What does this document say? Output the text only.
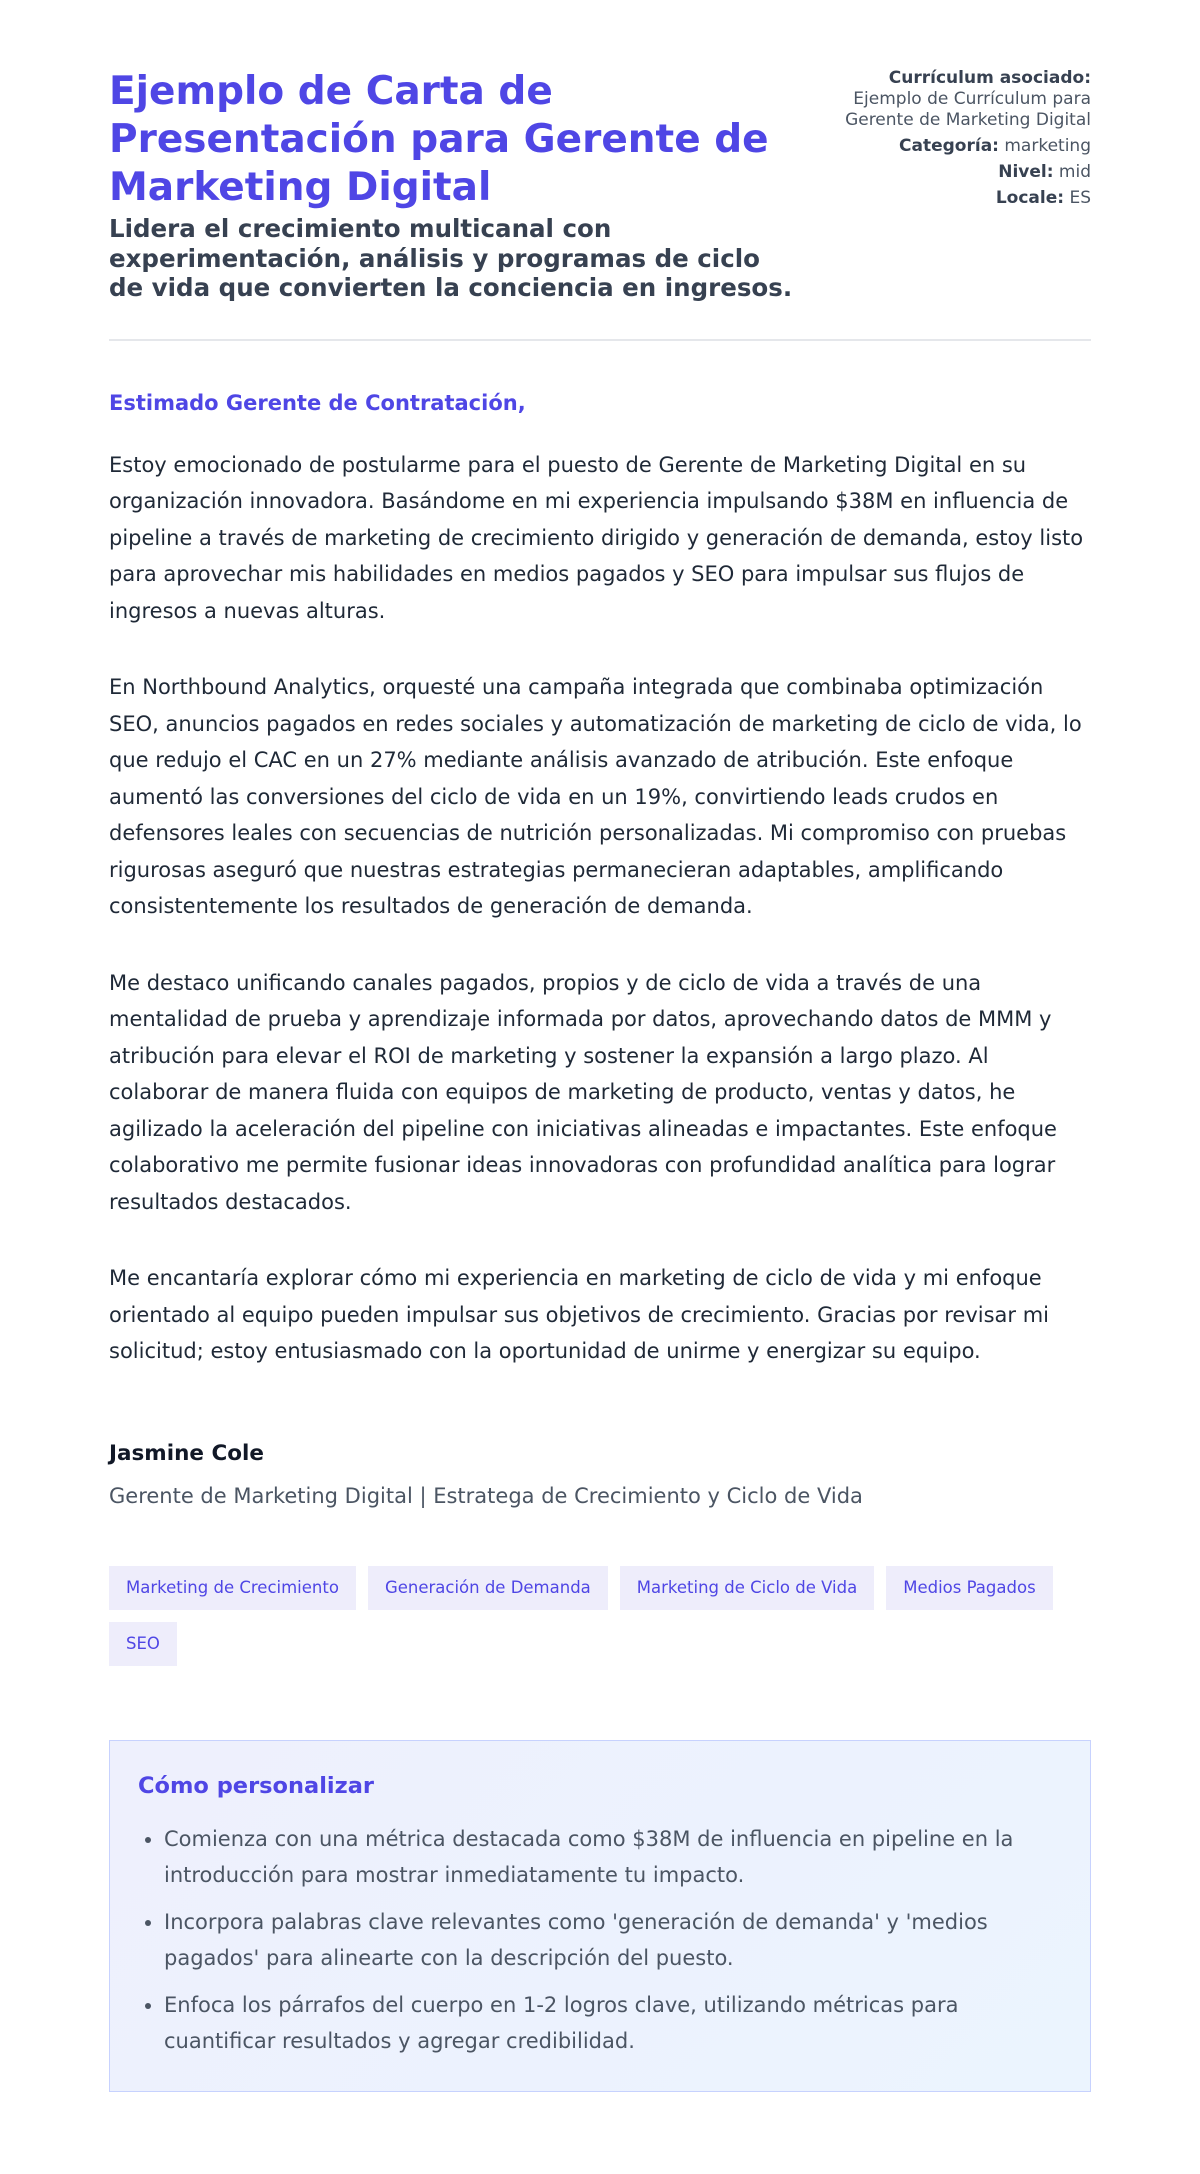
Ejemplo de Carta de Presentación para Gerente de Marketing Digital
Lidera el crecimiento multicanal con experimentación, análisis y programas de ciclo de vida que convierten la conciencia en ingresos.
Currículum asociado:
Ejemplo de Currículum para Gerente de Marketing Digital
Categoría: marketing
Nivel: mid
Locale: ES

Estimado Gerente de Contratación,

Estoy emocionado de postularme para el puesto de Gerente de Marketing Digital en su organización innovadora. Basándome en mi experiencia impulsando $38M en influencia de pipeline a través de marketing de crecimiento dirigido y generación de demanda, estoy listo para aprovechar mis habilidades en medios pagados y SEO para impulsar sus flujos de ingresos a nuevas alturas.

En Northbound Analytics, orquesté una campaña integrada que combinaba optimización SEO, anuncios pagados en redes sociales y automatización de marketing de ciclo de vida, lo que redujo el CAC en un 27% mediante análisis avanzado de atribución. Este enfoque aumentó las conversiones del ciclo de vida en un 19%, convirtiendo leads crudos en defensores leales con secuencias de nutrición personalizadas. Mi compromiso con pruebas rigurosas aseguró que nuestras estrategias permanecieran adaptables, amplificando consistentemente los resultados de generación de demanda.

Me destaco unificando canales pagados, propios y de ciclo de vida a través de una mentalidad de prueba y aprendizaje informada por datos, aprovechando datos de MMM y atribución para elevar el ROI de marketing y sostener la expansión a largo plazo. Al colaborar de manera fluida con equipos de marketing de producto, ventas y datos, he agilizado la aceleración del pipeline con iniciativas alineadas e impactantes. Este enfoque colaborativo me permite fusionar ideas innovadoras con profundidad analítica para lograr resultados destacados.

Me encantaría explorar cómo mi experiencia en marketing de ciclo de vida y mi enfoque orientado al equipo pueden impulsar sus objetivos de crecimiento. Gracias por revisar mi solicitud; estoy entusiasmado con la oportunidad de unirme y energizar su equipo.

Jasmine Cole
Gerente de Marketing Digital | Estratega de Crecimiento y Ciclo de Vida
Marketing de Crecimiento	Generación de Demanda	Marketing de Ciclo de Vida	Medios Pagados
SEO
Cómo personalizar
• Comienza con una métrica destacada como $38M de influencia en pipeline en la introducción para mostrar inmediatamente tu impacto.
• Incorpora palabras clave relevantes como 'generación de demanda' y 'medios pagados' para alinearte con la descripción del puesto.
• Enfoca los párrafos del cuerpo en 1-2 logros clave, utilizando métricas para cuantificar resultados y agregar credibilidad.
